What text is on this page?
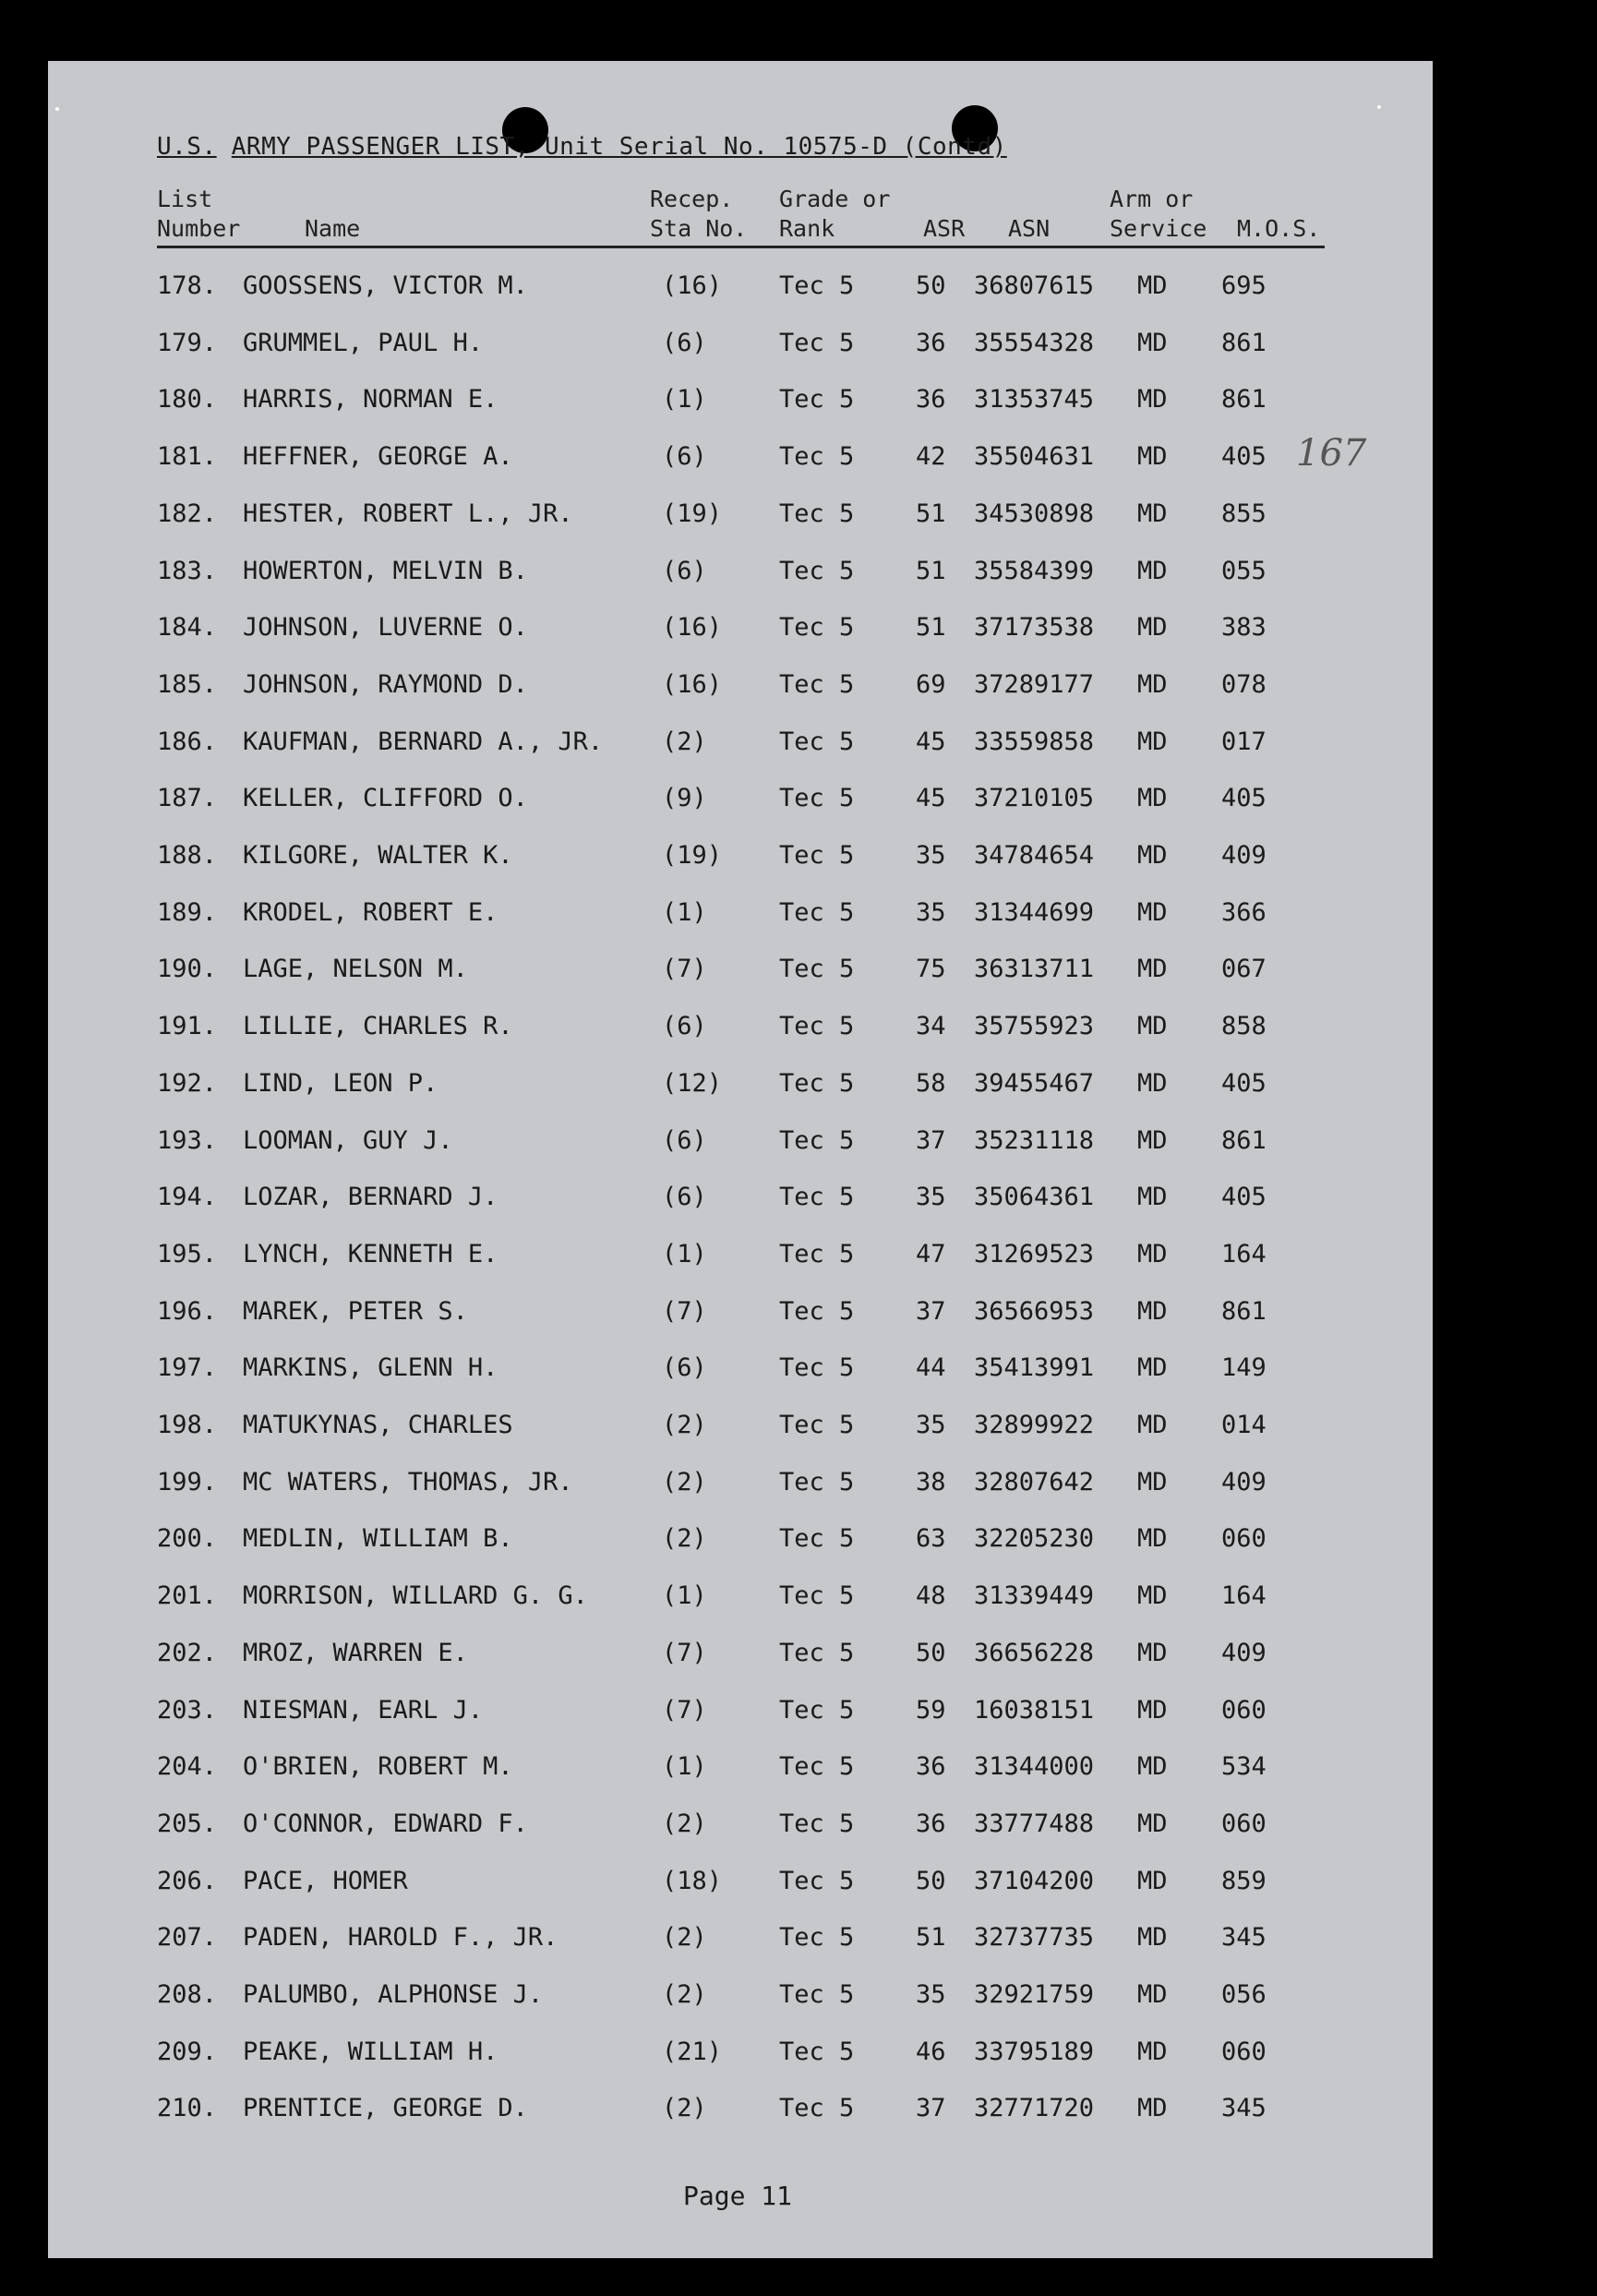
U.S. ARMY PASSENGER LIST, Unit Serial No. 10575-D (Contd)
List
Number	Name
Recep.
Sta No.
Grade or
Rank	ASR ASN
Arm or
Service M.O.S.
178. GOOSSENS, VICTOR M.	(16) Tec 5 50 36807615 MD 695
179. GRUMMEL, PAUL H.	(6)	Tec 5 36 35554328 MD 861
180. HARRIS, NORMAN E.	(1)	Tec 5 36 31353745 MD 861
181. HEFFNER, GEORGE A.	(6)	Tec 5 42 35504631 MD 405
182. HESTER, ROBERT L., JR.	(19) Tec 5 51 34530898 MD 855
183. HOWERTON, MELVIN B.	(6)	Tec 5 51 35584399 MD 055
184. JOHNSON, LUVERNE O.	(16) Tec 5 51 37173538 MD 383
185. JOHNSON, RAYMOND D.	(16) Tec 5 69 37289177 MD 078
186. KAUFMAN, BERNARD A., JR. (2)	Tec 5 45 33559858 MD 017
187. KELLER, CLIFFORD O.	(9)	Tec 5 45 37210105 MD 405
188. KILGORE, WALTER K.	(19) Tec 5 35 34784654 MD 409
189. KRODEL, ROBERT E.	(1)	Tec 5 35 31344699 MD 366
190. LAGE, NELSON M.	(7)	Tec 5 75 36313711 MD 067
191. LILLIE, CHARLES R.	(6)	Tec 5 34 35755923 MD 858
192. LIND, LEON P.	(12) Tec 5 58 39455467 MD 405
193. LOOMAN, GUY J.	(6)	Tec 5 37 35231118 MD 861
194. LOZAR, BERNARD J.	(6)	Tec 5 35 35064361 MD 405
195. LYNCH, KENNETH E.	(1)	Tec 5 47 31269523 MD 164
196. MAREK, PETER S.	(7)	Tec 5 37 36566953 MD 861
197. MARKINS, GLENN H.	(6)	Tec 5 44 35413991 MD 149
198. MATUKYNAS, CHARLES	(2)	Tec 5 35 32899922 MD 014
199. MC WATERS, THOMAS, JR.	(2)	Tec 5 38 32807642 MD 409
200. MEDLIN, WILLIAM B.	(2)	Tec 5 63 32205230 MD 060
201. MORRISON, WILLARD G. G.	(1)	Tec 5 48 31339449 MD 164
202. MROZ, WARREN E.	(7)	Tec 5 50 36656228 MD 409
203. NIESMAN, EARL J.	(7)	Tec 5 59 16038151 MD 060
204. O'BRIEN, ROBERT M.	(1)	Tec 5 36 31344000 MD 534
205. O'CONNOR, EDWARD F.	(2)	Tec 5 36 33777488 MD 060
206. PACE, HOMER	(18) Tec 5 50 37104200 MD 859
207. PADEN, HAROLD F., JR.	(2)	Tec 5 51 32737735 MD 345
208. PALUMBO, ALPHONSE J.	(2)	Tec 5 35 32921759 MD 056
209. PEAKE, WILLIAM H.	(21) Tec 5 46 33795189 MD 060
210. PRENTICE, GEORGE D.	(2)	Tec 5 37 32771720 MD 345
167
Page 11
